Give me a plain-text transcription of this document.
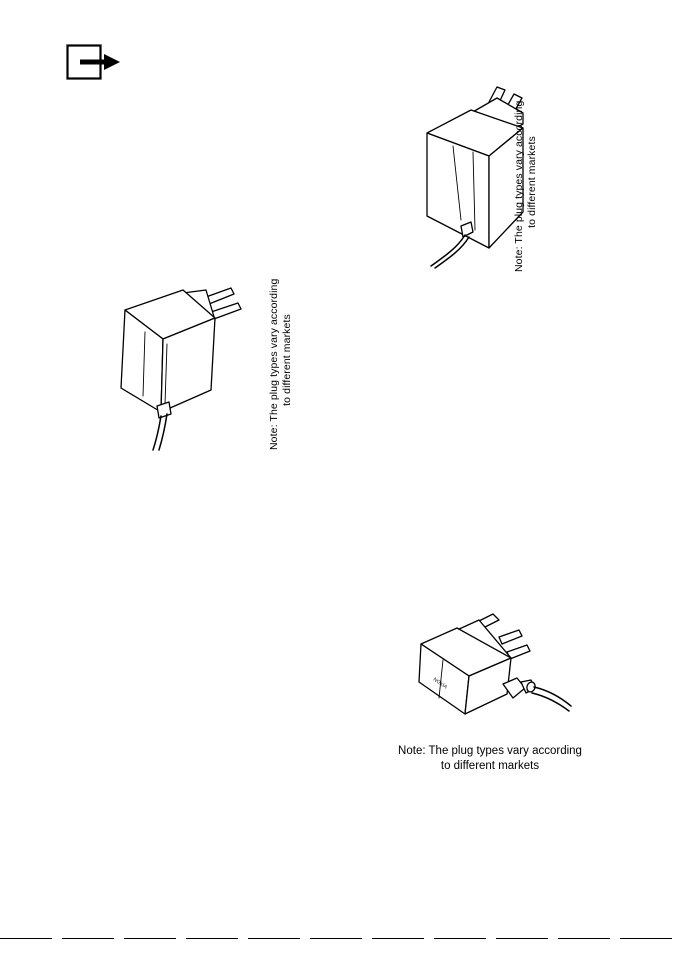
Note: The plug types vary according to different markets
Note: The plug types vary according to different markets
NOKIA
Note: The plug types vary according
to different markets
